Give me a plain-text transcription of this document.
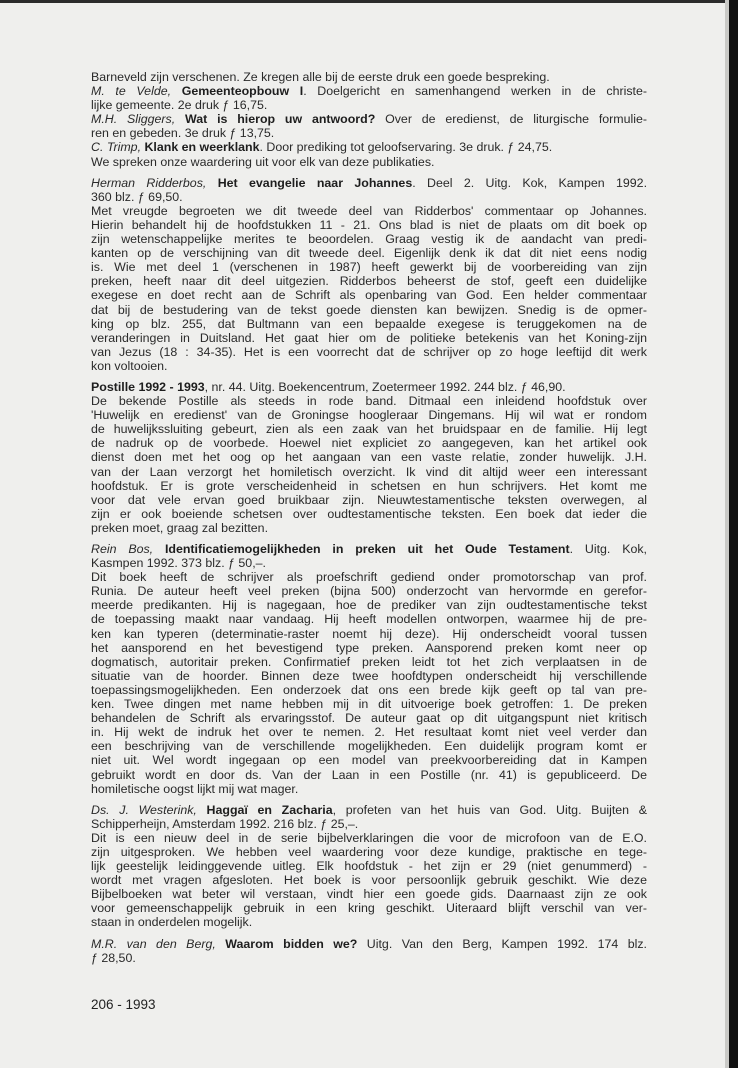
Barneveld zijn verschenen. Ze kregen alle bij de eerste druk een goede bespreking.
M. te Velde, Gemeenteopbouw I. Doelgericht en samenhangend werken in de christe-
lijke gemeente. 2e druk ƒ 16,75.
M.H. Sliggers, Wat is hierop uw antwoord? Over de eredienst, de liturgische formulie-
ren en gebeden. 3e druk ƒ 13,75.
C. Trimp, Klank en weerklank. Door prediking tot geloofservaring. 3e druk. ƒ 24,75.
We spreken onze waardering uit voor elk van deze publikaties.
Herman Ridderbos, Het evangelie naar Johannes. Deel 2. Uitg. Kok, Kampen 1992.
360 blz. ƒ 69,50.
Met vreugde begroeten we dit tweede deel van Ridderbos' commentaar op Johannes.
Hierin behandelt hij de hoofdstukken 11 - 21. Ons blad is niet de plaats om dit boek op
zijn wetenschappelijke merites te beoordelen. Graag vestig ik de aandacht van predi-
kanten op de verschijning van dit tweede deel. Eigenlijk denk ik dat dit niet eens nodig
is. Wie met deel 1 (verschenen in 1987) heeft gewerkt bij de voorbereiding van zijn
preken, heeft naar dit deel uitgezien. Ridderbos beheerst de stof, geeft een duidelijke
exegese en doet recht aan de Schrift als openbaring van God. Een helder commentaar
dat bij de bestudering van de tekst goede diensten kan bewijzen. Snedig is de opmer-
king op blz. 255, dat Bultmann van een bepaalde exegese is teruggekomen na de
veranderingen in Duitsland. Het gaat hier om de politieke betekenis van het Koning-zijn
van Jezus (18 : 34-35). Het is een voorrecht dat de schrijver op zo hoge leeftijd dit werk
kon voltooien.
Postille 1992 - 1993, nr. 44. Uitg. Boekencentrum, Zoetermeer 1992. 244 blz. ƒ 46,90.
De bekende Postille als steeds in rode band. Ditmaal een inleidend hoofdstuk over
'Huwelijk en eredienst' van de Groningse hoogleraar Dingemans. Hij wil wat er rondom
de huwelijkssluiting gebeurt, zien als een zaak van het bruidspaar en de familie. Hij legt
de nadruk op de voorbede. Hoewel niet expliciet zo aangegeven, kan het artikel ook
dienst doen met het oog op het aangaan van een vaste relatie, zonder huwelijk. J.H.
van der Laan verzorgt het homiletisch overzicht. Ik vind dit altijd weer een interessant
hoofdstuk. Er is grote verscheidenheid in schetsen en hun schrijvers. Het komt me
voor dat vele ervan goed bruikbaar zijn. Nieuwtestamentische teksten overwegen, al
zijn er ook boeiende schetsen over oudtestamentische teksten. Een boek dat ieder die
preken moet, graag zal bezitten.
Rein Bos, Identificatiemogelijkheden in preken uit het Oude Testament. Uitg. Kok,
Kasmpen 1992. 373 blz. ƒ 50,–.
Dit boek heeft de schrijver als proefschrift gediend onder promotorschap van prof.
Runia. De auteur heeft veel preken (bijna 500) onderzocht van hervormde en gerefor-
meerde predikanten. Hij is nagegaan, hoe de prediker van zijn oudtestamentische tekst
de toepassing maakt naar vandaag. Hij heeft modellen ontworpen, waarmee hij de pre-
ken kan typeren (determinatie-raster noemt hij deze). Hij onderscheidt vooral tussen
het aansporend en het bevestigend type preken. Aansporend preken komt neer op
dogmatisch, autoritair preken. Confirmatief preken leidt tot het zich verplaatsen in de
situatie van de hoorder. Binnen deze twee hoofdtypen onderscheidt hij verschillende
toepassingsmogelijkheden. Een onderzoek dat ons een brede kijk geeft op tal van pre-
ken. Twee dingen met name hebben mij in dit uitvoerige boek getroffen: 1. De preken
behandelen de Schrift als ervaringsstof. De auteur gaat op dit uitgangspunt niet kritisch
in. Hij wekt de indruk het over te nemen. 2. Het resultaat komt niet veel verder dan
een beschrijving van de verschillende mogelijkheden. Een duidelijk program komt er
niet uit. Wel wordt ingegaan op een model van preekvoorbereiding dat in Kampen
gebruikt wordt en door ds. Van der Laan in een Postille (nr. 41) is gepubliceerd. De
homiletische oogst lijkt mij wat mager.
Ds. J. Westerink, Haggaï en Zacharia, profeten van het huis van God. Uitg. Buijten &
Schipperheijn, Amsterdam 1992. 216 blz. ƒ 25,–.
Dit is een nieuw deel in de serie bijbelverklaringen die voor de microfoon van de E.O.
zijn uitgesproken. We hebben veel waardering voor deze kundige, praktische en tege-
lijk geestelijk leidinggevende uitleg. Elk hoofdstuk - het zijn er 29 (niet genummerd) -
wordt met vragen afgesloten. Het boek is voor persoonlijk gebruik geschikt. Wie deze
Bijbelboeken wat beter wil verstaan, vindt hier een goede gids. Daarnaast zijn ze ook
voor gemeenschappelijk gebruik in een kring geschikt. Uiteraard blijft verschil van ver-
staan in onderdelen mogelijk.
M.R. van den Berg, Waarom bidden we? Uitg. Van den Berg, Kampen 1992. 174 blz.
ƒ 28,50.
206 - 1993
